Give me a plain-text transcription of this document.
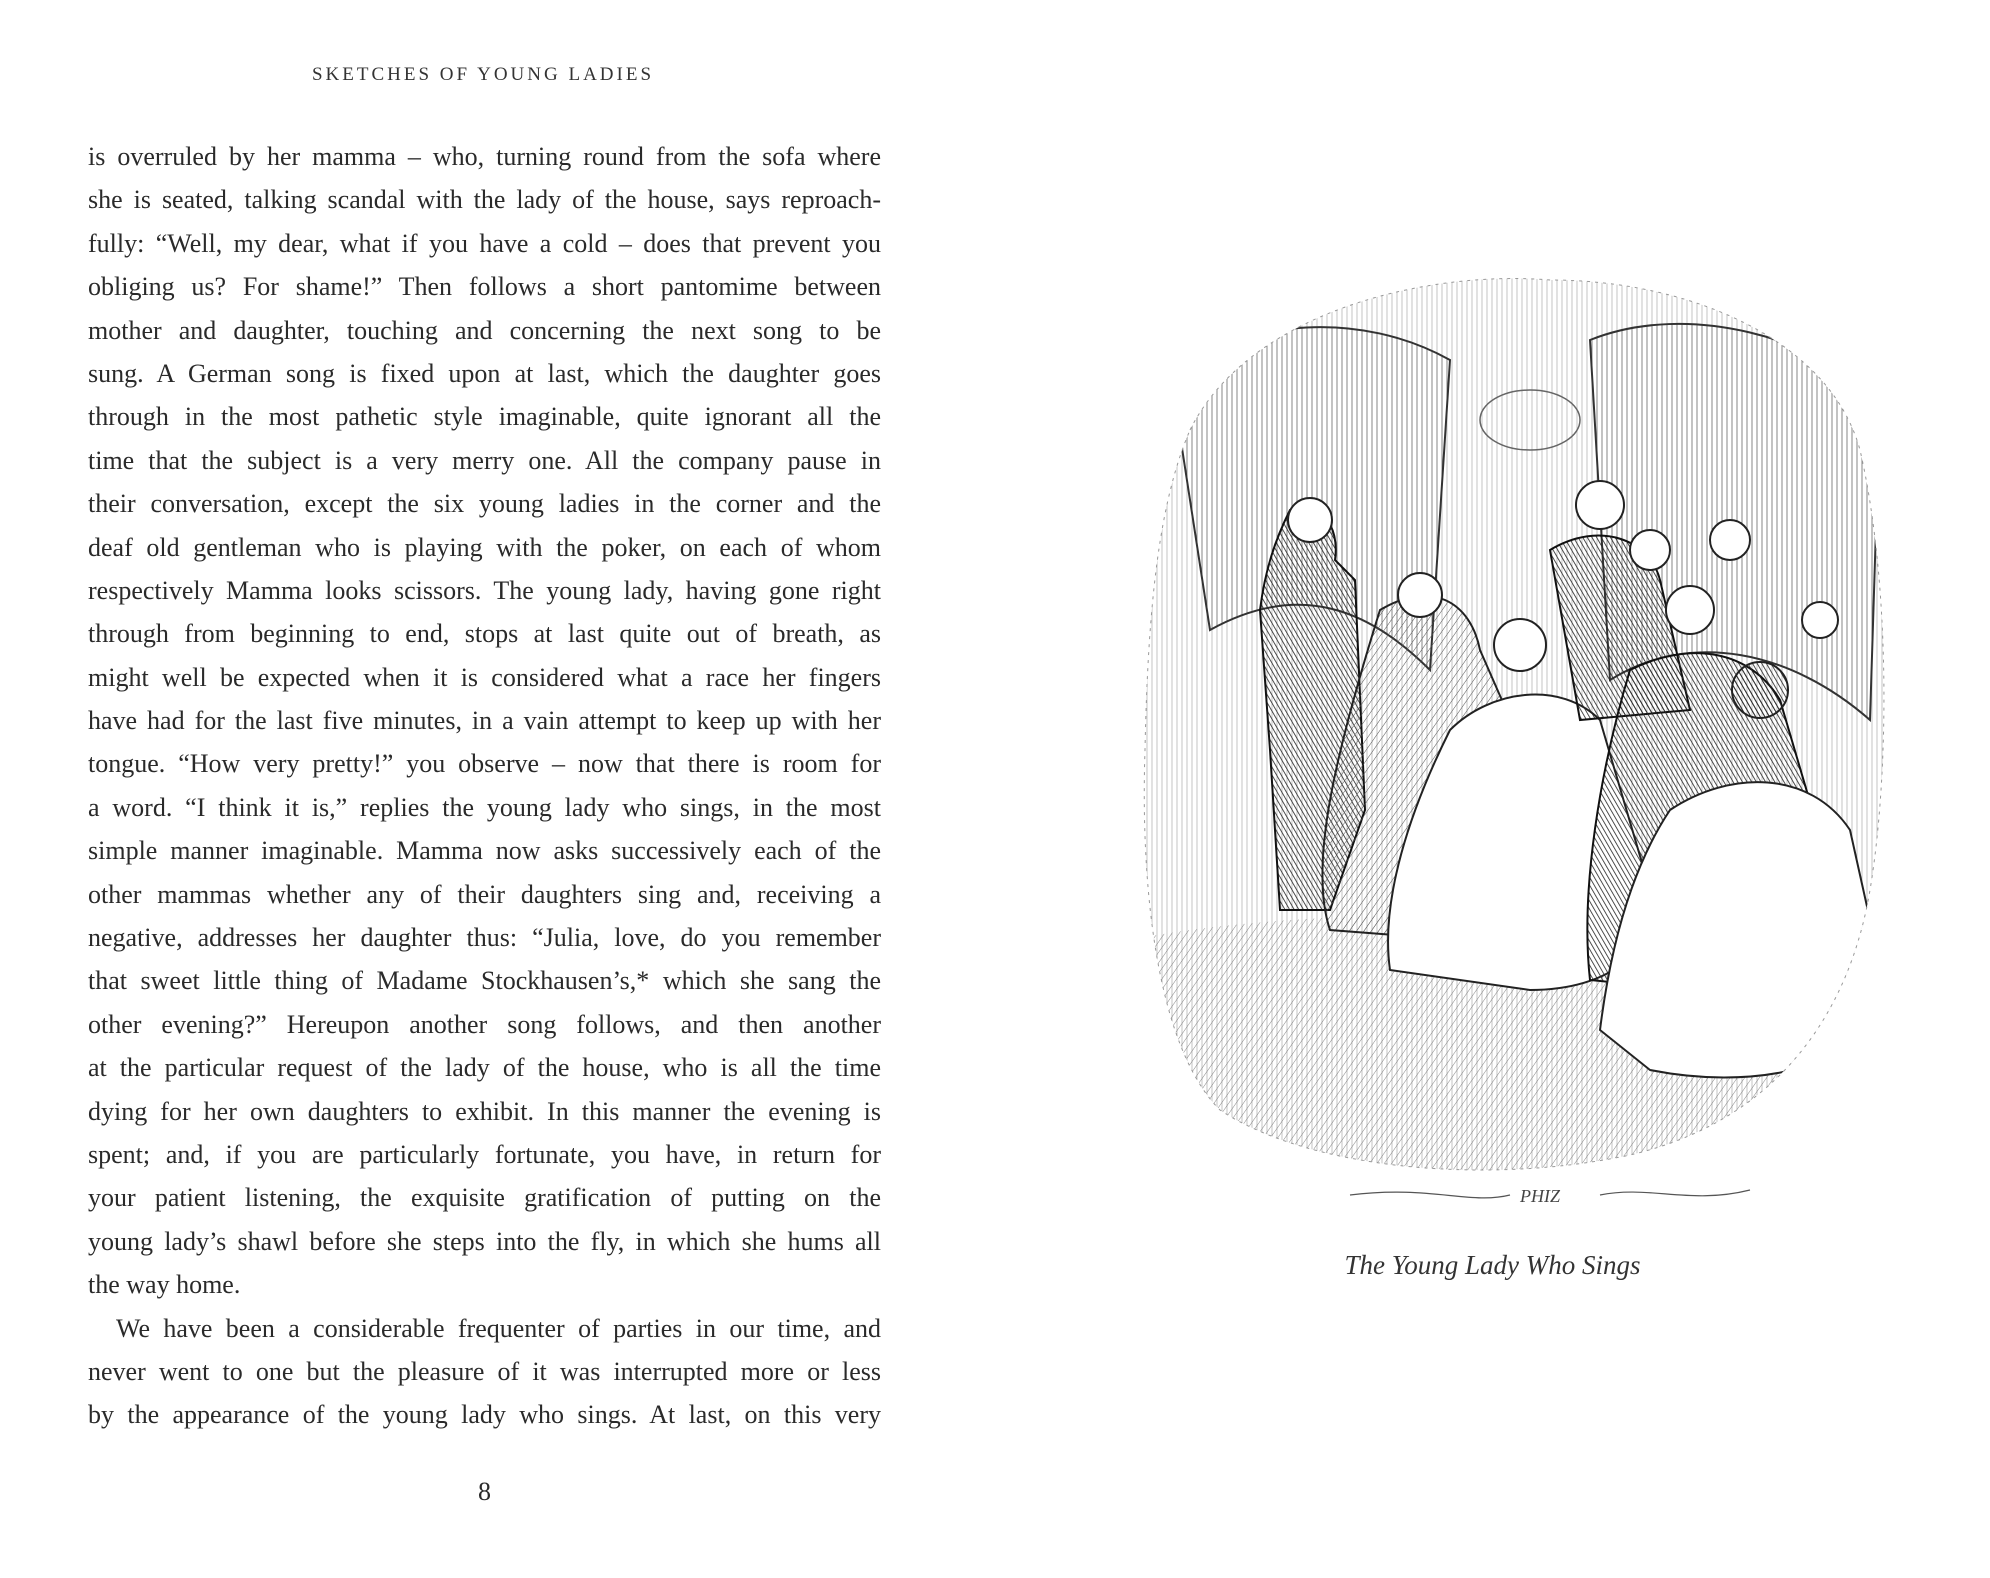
SKETCHES OF YOUNG LADIES
is overruled by her mamma – who, turning round from the sofa where
she is seated, talking scandal with the lady of the house, says reproach-
fully: “Well, my dear, what if you have a cold – does that prevent you
obliging us? For shame!” Then follows a short pantomime between
mother and daughter, touching and concerning the next song to be
sung. A German song is fixed upon at last, which the daughter goes
through in the most pathetic style imaginable, quite ignorant all the
time that the subject is a very merry one. All the company pause in
their conversation, except the six young ladies in the corner and the
deaf old gentleman who is playing with the poker, on each of whom
respectively Mamma looks scissors. The young lady, having gone right
through from beginning to end, stops at last quite out of breath, as
might well be expected when it is considered what a race her fingers
have had for the last five minutes, in a vain attempt to keep up with her
tongue. “How very pretty!” you observe – now that there is room for
a word. “I think it is,” replies the young lady who sings, in the most
simple manner imaginable. Mamma now asks successively each of the
other mammas whether any of their daughters sing and, receiving a
negative, addresses her daughter thus: “Julia, love, do you remember
that sweet little thing of Madame Stockhausen’s,* which she sang the
other evening?” Hereupon another song follows, and then another
at the particular request of the lady of the house, who is all the time
dying for her own daughters to exhibit. In this manner the evening is
spent; and, if you are particularly fortunate, you have, in return for
your patient listening, the exquisite gratification of putting on the
young lady’s shawl before she steps into the fly, in which she hums all
the way home.
We have been a considerable frequenter of parties in our time, and
never went to one but the pleasure of it was interrupted more or less
by the appearance of the young lady who sings. At last, on this very
8
PHIZ
The Young Lady Who Sings
